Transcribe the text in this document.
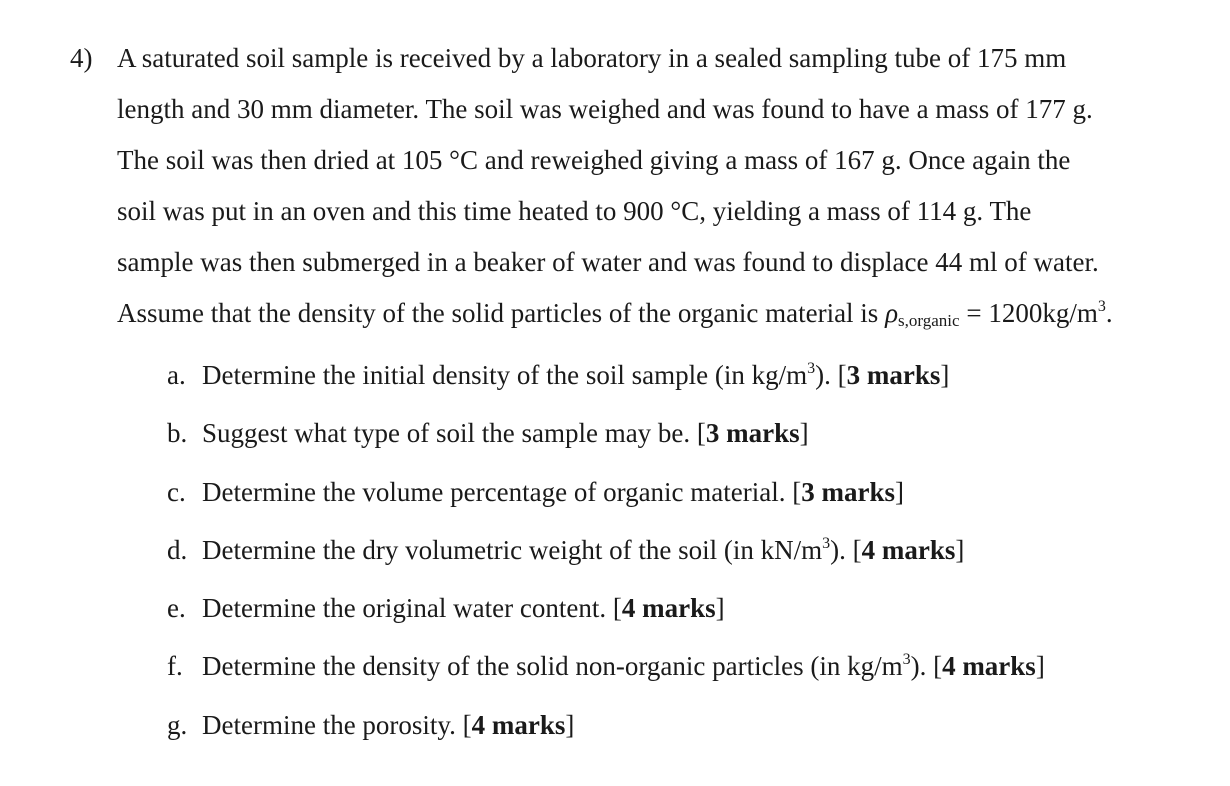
4) A saturated soil sample is received by a laboratory in a sealed sampling tube of 175 mm
length and 30 mm diameter. The soil was weighed and was found to have a mass of 177 g.
The soil was then dried at 105 °C and reweighed giving a mass of 167 g. Once again the
soil was put in an oven and this time heated to 900 °C, yielding a mass of 114 g. The
sample was then submerged in a beaker of water and was found to displace 44 ml of water.
Assume that the density of the solid particles of the organic material is ρs,organic = $1200kg/m^3$.
a. Determine the initial density of the soil sample (in $kg/m^3$). [3 marks]
b. Suggest what type of soil the sample may be. [3 marks]
c. Determine the volume percentage of organic material. [3 marks]
d. Determine the dry volumetric weight of the soil (in $kN/m^3$). [4 marks]
e. Determine the original water content. [4 marks]
f. Determine the density of the solid non-organic particles (in $kg/m^3$). [4 marks]
g. Determine the porosity. [4 marks]
